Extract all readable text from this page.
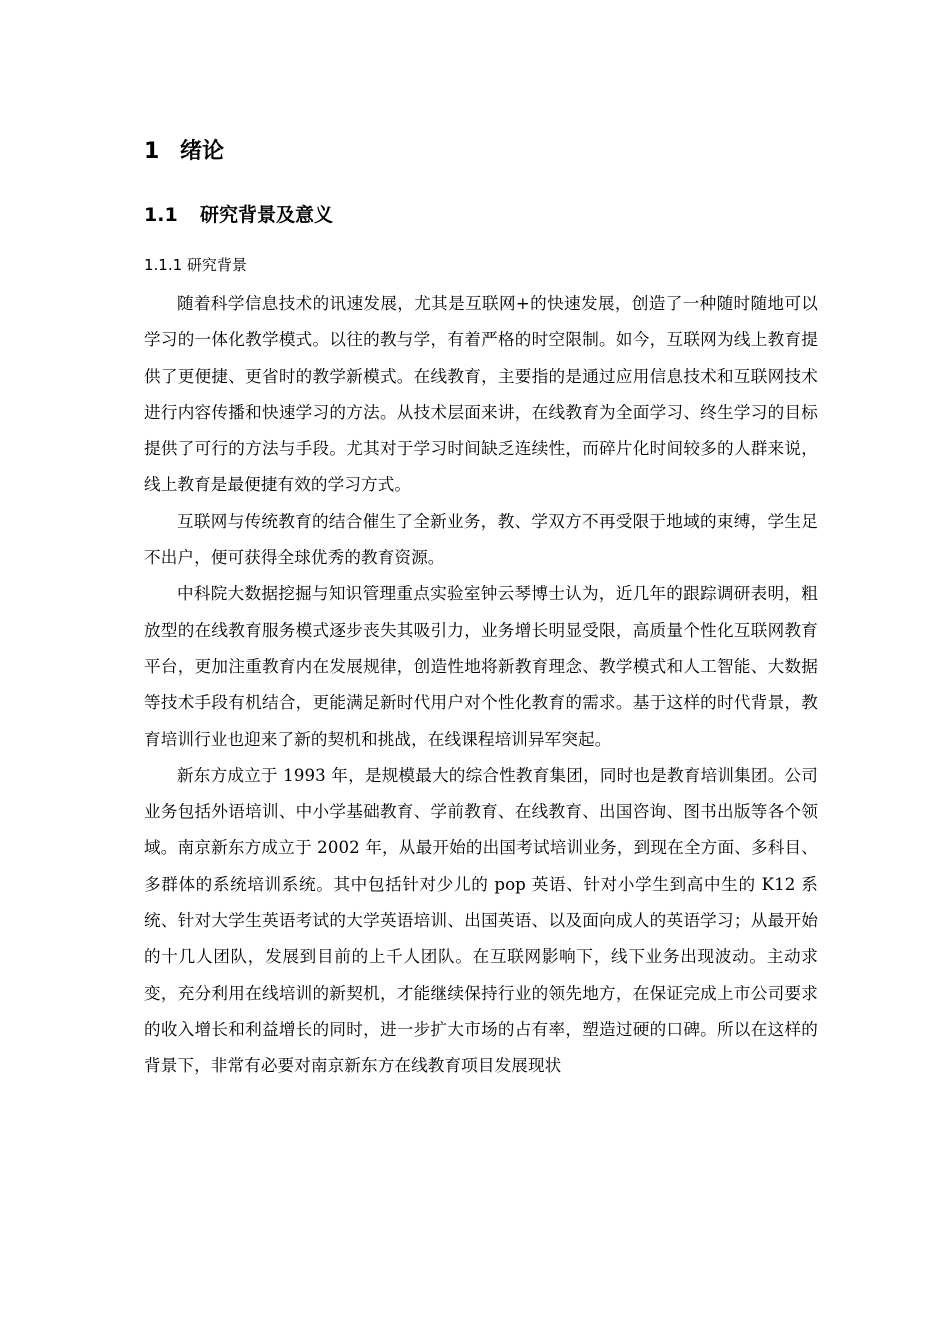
1 绪论
1.1 研究背景及意义
1.1.1 研究背景

随着科学信息技术的讯速发展，尤其是互联网+的快速发展，创造了一种随时随地可以学习的一体化教学模式。以往的教与学，有着严格的时空限制。如今，互联网为线上教育提供了更便捷、更省时的教学新模式。在线教育，主要指的是通过应用信息技术和互联网技术进行内容传播和快速学习的方法。从技术层面来讲，在线教育为全面学习、终生学习的目标提供了可行的方法与手段。尤其对于学习时间缺乏连续性，而碎片化时间较多的人群来说，线上教育是最便捷有效的学习方式。

互联网与传统教育的结合催生了全新业务，教、学双方不再受限于地域的束缚，学生足不出户，便可获得全球优秀的教育资源。

中科院大数据挖掘与知识管理重点实验室钟云琴博士认为，近几年的跟踪调研表明，粗放型的在线教育服务模式逐步丧失其吸引力，业务增长明显受限，高质量个性化互联网教育平台，更加注重教育内在发展规律，创造性地将新教育理念、教学模式和人工智能、大数据等技术手段有机结合，更能满足新时代用户对个性化教育的需求。基于这样的时代背景，教育培训行业也迎来了新的契机和挑战，在线课程培训异军突起。

新东方成立于 1993 年，是规模最大的综合性教育集团，同时也是教育培训集团。公司业务包括外语培训、中小学基础教育、学前教育、在线教育、出国咨询、图书出版等各个领域。南京新东方成立于 2002 年，从最开始的出国考试培训业务，到现在全方面、多科目、多群体的系统培训系统。其中包括针对少儿的 pop 英语、针对小学生到高中生的 K12 系统、针对大学生英语考试的大学英语培训、出国英语、以及面向成人的英语学习；从最开始的十几人团队，发展到目前的上千人团队。在互联网影响下，线下业务出现波动。主动求变，充分利用在线培训的新契机，才能继续保持行业的领先地方，在保证完成上市公司要求的收入增长和利益增长的同时，进一步扩大市场的占有率，塑造过硬的口碑。所以在这样的背景下，非常有必要对南京新东方在线教育项目发展现状
